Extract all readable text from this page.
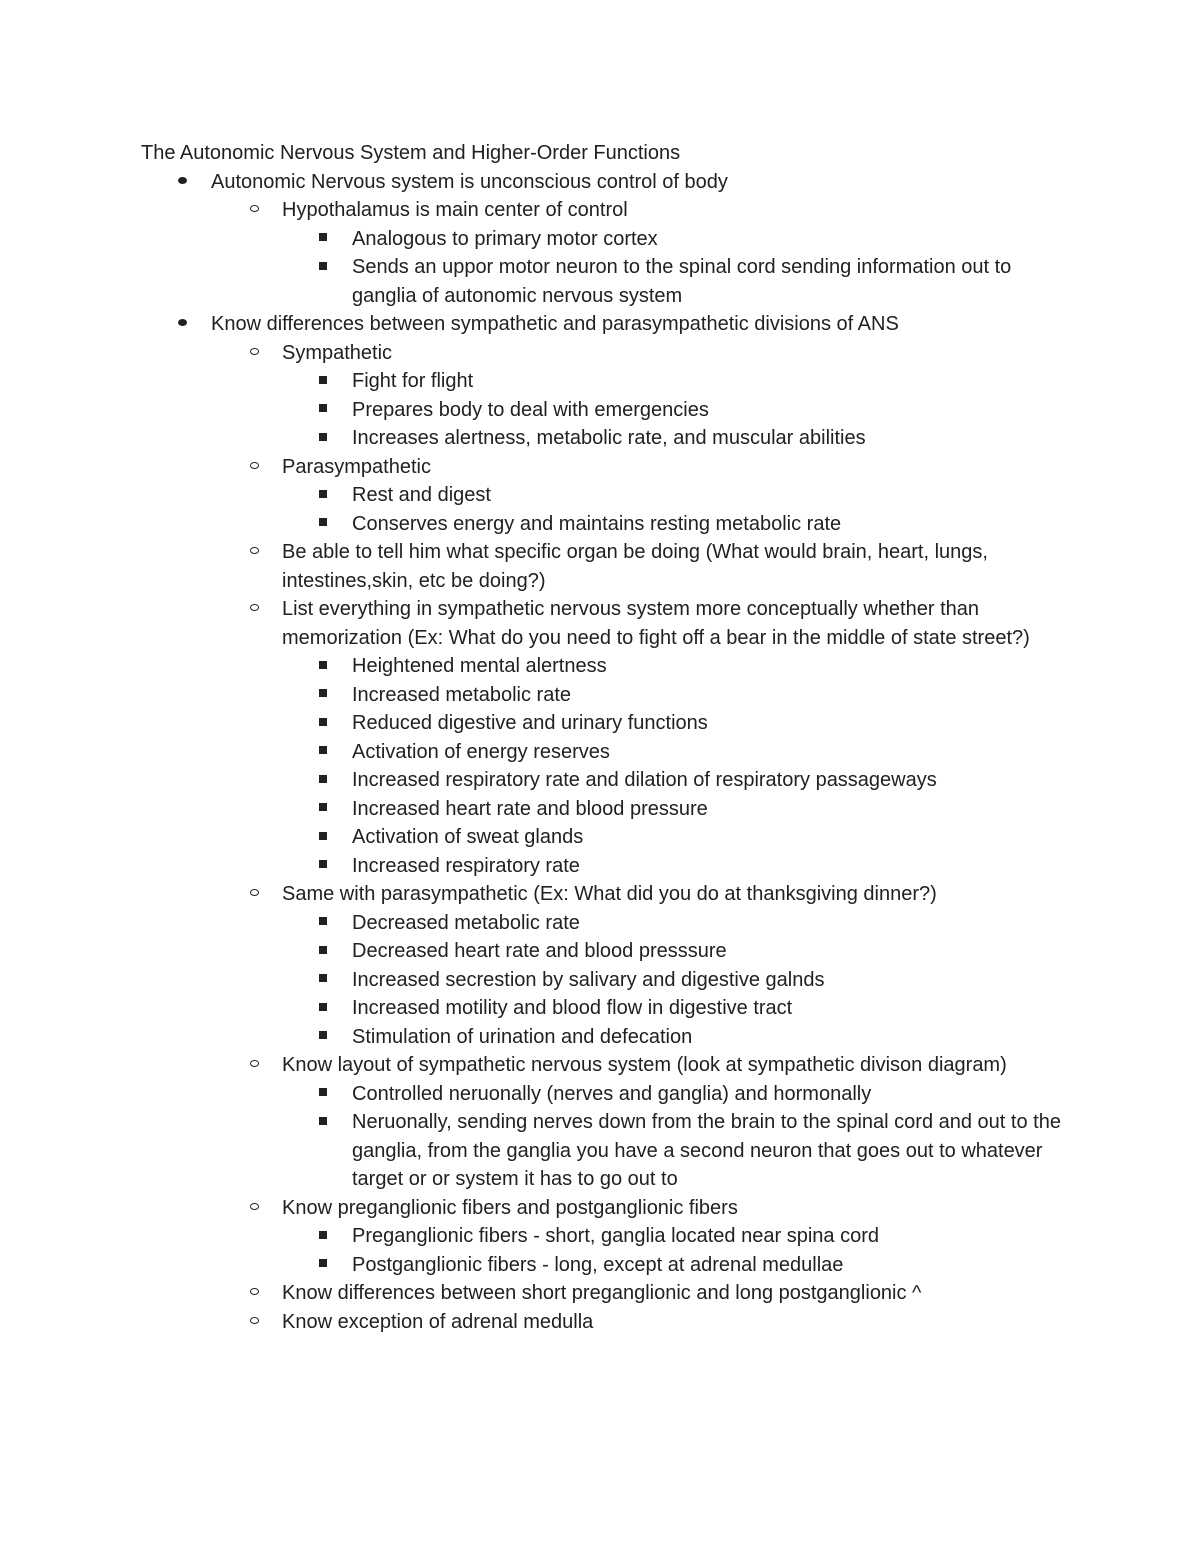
The Autonomic Nervous System and Higher-Order Functions
Autonomic Nervous system is unconscious control of body
Hypothalamus is main center of control
Analogous to primary motor cortex
Sends an uppor motor neuron to the spinal cord sending information out to ganglia of autonomic nervous system
Know differences between sympathetic and parasympathetic divisions of ANS
Sympathetic
Fight for flight
Prepares body to deal with emergencies
Increases alertness, metabolic rate, and muscular abilities
Parasympathetic
Rest and digest
Conserves energy and maintains resting metabolic rate
Be able to tell him what specific organ be doing (What would brain, heart, lungs, intestines,skin, etc be doing?)
List everything in sympathetic nervous system more conceptually whether than memorization (Ex: What do you need to fight off a bear in the middle of state street?)
Heightened mental alertness
Increased metabolic rate
Reduced digestive and urinary functions
Activation of energy reserves
Increased respiratory rate and dilation of respiratory passageways
Increased heart rate and blood pressure
Activation of sweat glands
Increased respiratory rate
Same with parasympathetic (Ex: What did you do at thanksgiving dinner?)
Decreased metabolic rate
Decreased heart rate and blood presssure
Increased secrestion by salivary and digestive galnds
Increased motility and blood flow in digestive tract
Stimulation of urination and defecation
Know layout of sympathetic nervous system (look at sympathetic divison diagram)
Controlled neruonally (nerves and ganglia) and hormonally
Neruonally, sending nerves down from the brain to the spinal cord and out to the ganglia, from the ganglia you have a second neuron that goes out to whatever target or or system it has to go out to
Know preganglionic fibers and postganglionic fibers
Preganglionic fibers - short, ganglia located near spina cord
Postganglionic fibers - long, except at adrenal medullae
Know differences between short preganglionic and long postganglionic ^
Know exception of adrenal medulla
